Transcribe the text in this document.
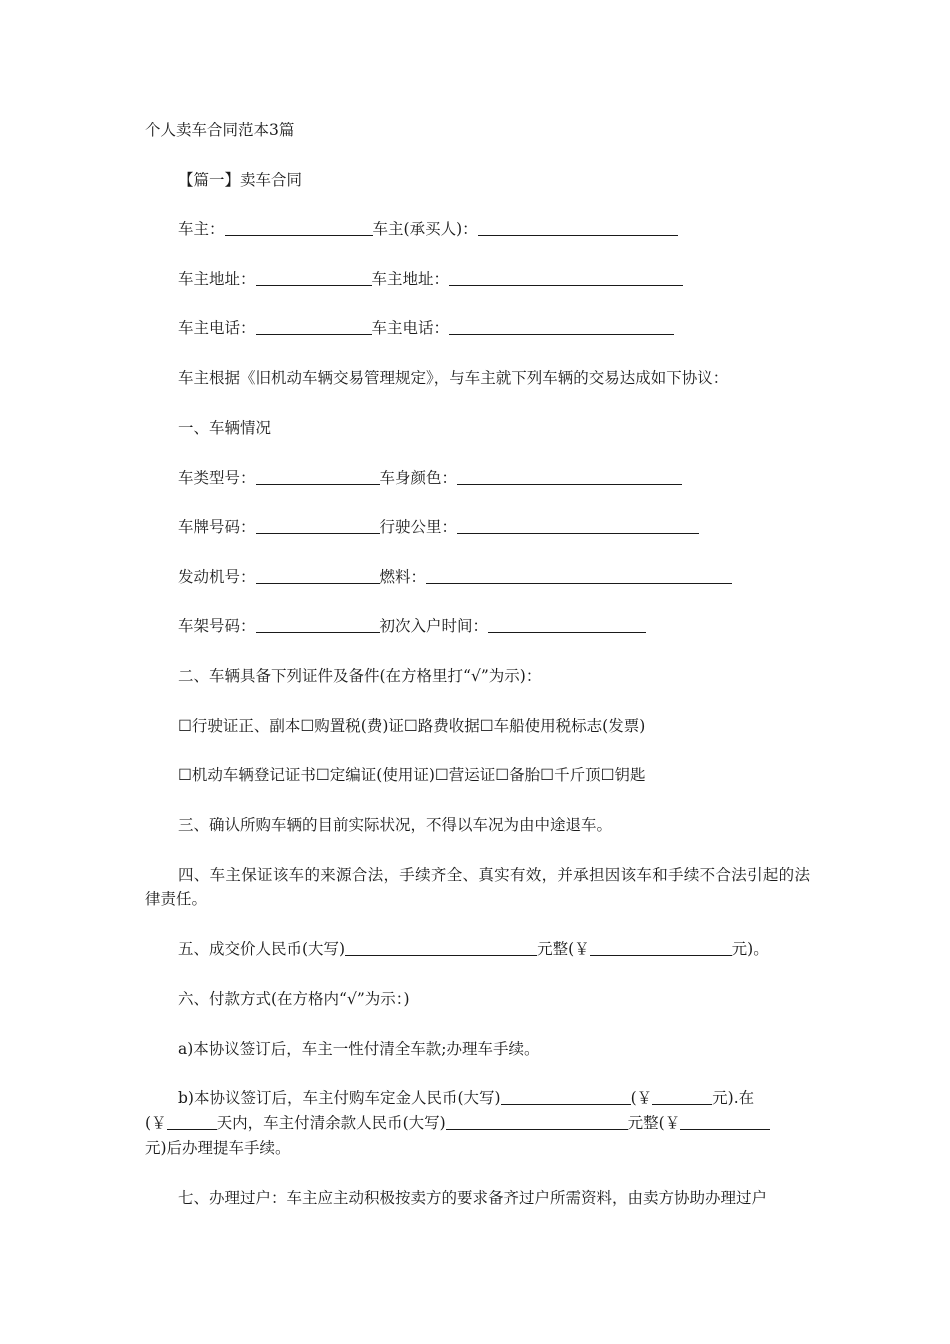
个人卖车合同范本3篇
【篇一】卖车合同
车主：	车主(承买人)：
车主地址：	车主地址：
车主电话：	车主电话：
车主根据《旧机动车辆交易管理规定》，与车主就下列车辆的交易达成如下协议：
一、车辆情况
车类型号：	车身颜色：
车牌号码：	行驶公里：
发动机号：	燃料：
车架号码：	初次入户时间：
二、车辆具备下列证件及备件(在方格里打“√”为示)：
☐行驶证正、副本☐购置税(费)证☐路费收据☐车船使用税标志(发票)
☐机动车辆登记证书☐定编证(使用证)☐营运证☐备胎☐千斤顶☐钥匙
三、确认所购车辆的目前实际状况，不得以车况为由中途退车。
四、车主保证该车的来源合法，手续齐全、真实有效，并承担因该车和手续不合法引起的法律责任。
五、成交价人民币(大写)	元整(￥	元)。
六、付款方式(在方格内“√”为示：)
a)本协议签订后，车主一性付清全车款;办理车手续。
b)本协议签订后，车主付购车定金人民币(大写)	(￥	元).在
(￥	天内，车主付清余款人民币(大写)	元整(￥
元)后办理提车手续。
七、办理过户：车主应主动积极按卖方的要求备齐过户所需资料，由卖方协助办理过户
